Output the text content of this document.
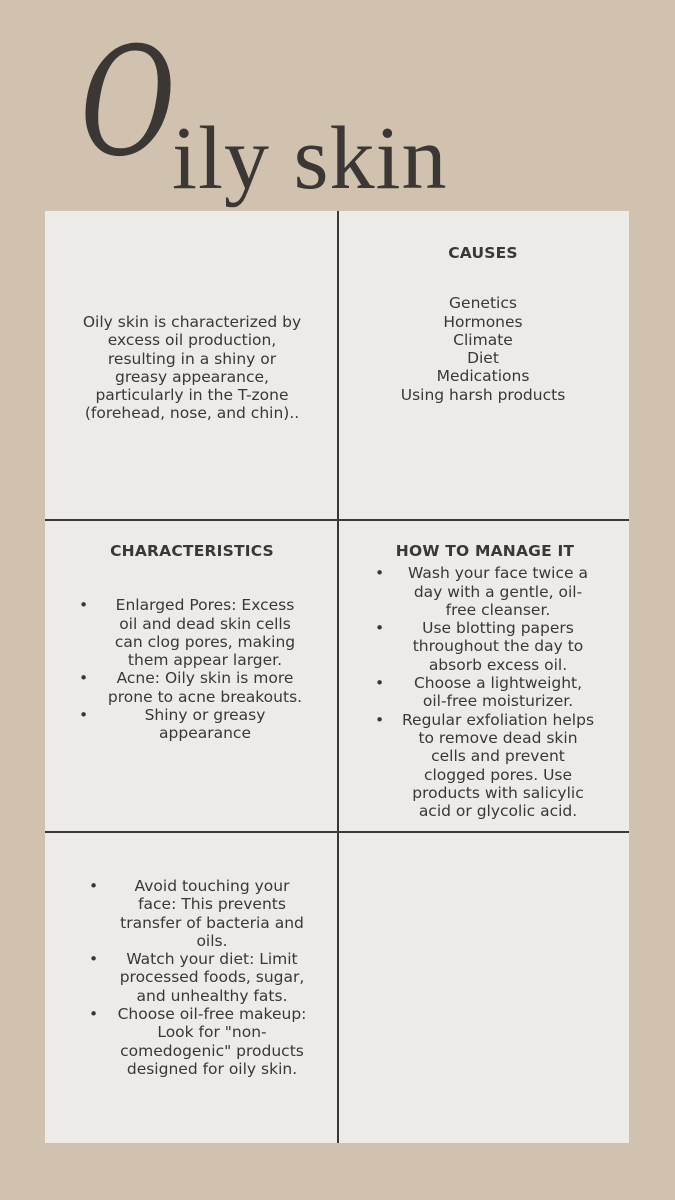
O
ily skin
Oily skin is characterized by excess oil production, resulting in a shiny or greasy appearance, particularly in the T-zone (forehead, nose, and chin)..
CAUSES
Genetics
Hormones
Climate
Diet
Medications
Using harsh products
CHARACTERISTICS
• Enlarged Pores: Excess oil and dead skin cells can clog pores, making them appear larger.
• Acne: Oily skin is more prone to acne breakouts.
• Shiny or greasy appearance
HOW TO MANAGE IT
• Wash your face twice a day with a gentle, oil-free cleanser.
• Use blotting papers throughout the day to absorb excess oil.
• Choose a lightweight, oil-free moisturizer.
• Regular exfoliation helps to remove dead skin cells and prevent clogged pores. Use products with salicylic acid or glycolic acid.
• Avoid touching your face: This prevents transfer of bacteria and oils.
• Watch your diet: Limit processed foods, sugar, and unhealthy fats.
• Choose oil-free makeup: Look for "non-comedogenic" products designed for oily skin.
